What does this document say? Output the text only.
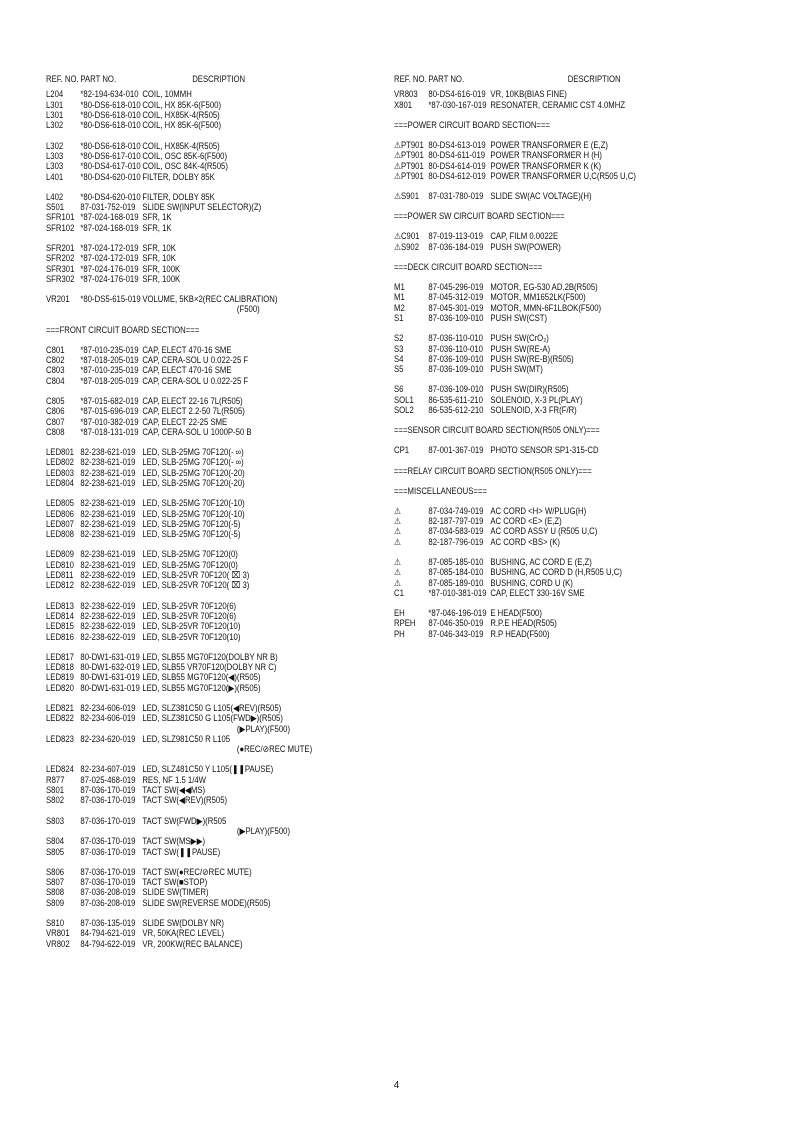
REF. NO.

PART NO.

	DESCRIPTION

L204 *82-194-634-010 COIL, 10MMH
L301 *80-DS6-618-010 COIL, HX 85K-6(F500)
L301 *80-DS6-618-010 COIL, HX85K-4(R505)
L302 *80-DS6-618-010 COIL, HX 85K-6(F500)
L302 *80-DS6-618-010 COIL, HX85K-4(R505)
L303 *80-DS6-617-010 COIL, OSC 85K-6(F500)
L303 *80-DS4-617-010 COIL, OSC 84K-4(R505)
L401 *80-DS4-620-010 FILTER, DOLBY 85K
L402 *80-DS4-620-010 FILTER, DOLBY 85K
S501 87-031-752-019 SLIDE SW(INPUT SELECTOR)(Z)
SFR101 *87-024-168-019 SFR, 1K
SFR102 *87-024-168-019 SFR, 1K
SFR201 *87-024-172-019 SFR, 10K
SFR202 *87-024-172-019 SFR, 10K
SFR301 *87-024-176-019 SFR, 100K
SFR302 *87-024-176-019 SFR, 100K
VR201 *80-DS5-615-019 VOLUME, 5KB×2(REC CALIBRATION)
(F500)
===FRONT CIRCUIT BOARD SECTION===
C801 *87-010-235-019 CAP, ELECT 470-16 SME
C802 *87-018-205-019 CAP, CERA-SOL U 0.022-25 F
C803 *87-010-235-019 CAP, ELECT 470-16 SME
C804 *87-018-205-019 CAP, CERA-SOL U 0.022-25 F
C805 *87-015-682-019 CAP, ELECT 22-16 7L(R505)
C806 *87-015-696-019 CAP, ELECT 2.2-50 7L(R505)
C807 *87-010-382-019 CAP, ELECT 22-25 SME
C808 *87-018-131-019 CAP, CERA-SOL U 1000P-50 B
LED801 82-238-621-019 LED, SLB-25MG 70F120(- ∞)
LED802 82-238-621-019 LED, SLB-25MG 70F120(- ∞)
LED803 82-238-621-019 LED, SLB-25MG 70F120(-20)
LED804 82-238-621-019 LED, SLB-25MG 70F120(-20)
LED805 82-238-621-019 LED, SLB-25MG 70F120(-10)
LED806 82-238-621-019 LED, SLB-25MG 70F120(-10)
LED807 82-238-621-019 LED, SLB-25MG 70F120(-5)
LED808 82-238-621-019 LED, SLB-25MG 70F120(-5)
LED809 82-238-621-019 LED, SLB-25MG 70F120(0)
LED810 82-238-621-019 LED, SLB-25MG 70F120(0)
LED811 82-238-622-019 LED, SLB-25VR 70F120( ⌧ 3)
LED812 82-238-622-019 LED, SLB-25VR 70F120( ⌧ 3)
LED813 82-238-622-019 LED, SLB-25VR 70F120(6)
LED814 82-238-622-019 LED, SLB-25VR 70F120(6)
LED815 82-238-622-019 LED, SLB-25VR 70F120(10)
LED816 82-238-622-019 LED, SLB-25VR 70F120(10)
LED817 80-DW1-631-019 LED, SLB55 MG70F120(DOLBY NR B)
LED818 80-DW1-632-019 LED, SLB55 VR70F120(DOLBY NR C)
LED819 80-DW1-631-019 LED, SLB55 MG70F120(◀)(R505)
LED820 80-DW1-631-019 LED, SLB55 MG70F120(▶)(R505)
LED821 82-234-606-019 LED, SLZ381C50 G L105(◀REV)(R505)
LED822 82-234-606-019 LED, SLZ381C50 G L105(FWD▶)(R505)
(▶PLAY)(F500)
LED823 82-234-620-019 LED, SLZ981C50 R L105
(●REC/⊘REC MUTE)
LED824 82-234-607-019 LED, SLZ481C50 Y L105(❚❚PAUSE)
R877 87-025-468-019 RES, NF 1.5 1/4W
S801 87-036-170-019 TACT SW(◀◀MS)
S802 87-036-170-019 TACT SW(◀REV)(R505)
S803 87-036-170-019 TACT SW(FWD▶)(R505
(▶PLAY)(F500)
S804 87-036-170-019 TACT SW(MS▶▶)
S805 87-036-170-019 TACT SW(❚❚PAUSE)
S806 87-036-170-019 TACT SW(●REC/⊘REC MUTE)
S807 87-036-170-019 TACT SW(■STOP)
S808 87-036-208-019 SLIDE SW(TIMER)
S809 87-036-208-019 SLIDE SW(REVERSE MODE)(R505)
S810 87-036-135-019 SLIDE SW(DOLBY NR)
VR801 84-794-621-019 VR, 50KA(REC LEVEL)
VR802 84-794-622-019 VR, 200KW(REC BALANCE)

REF. NO.

PART NO.

	DESCRIPTION

VR803 80-DS4-616-019 VR, 10KB(BIAS FINE)
X801 *87-030-167-019 RESONATER, CERAMIC CST 4.0MHZ
===POWER CIRCUIT BOARD SECTION===
⚠PT901 80-DS4-613-019 POWER TRANSFORMER E (E,Z)
⚠PT901 80-DS4-611-019 POWER TRANSFORMER H (H)
⚠PT901 80-DS4-614-019 POWER TRANSFORMER K (K)
⚠PT901 80-DS4-612-019 POWER TRANSFORMER U,C(R505 U,C)
⚠S901 87-031-780-019 SLIDE SW(AC VOLTAGE)(H)
===POWER SW CIRCUIT BOARD SECTION===
⚠C901 87-019-113-019 CAP, FILM 0.0022E
⚠S902 87-036-184-019 PUSH SW(POWER)
===DECK CIRCUIT BOARD SECTION===
M1	87-045-296-019 MOTOR, EG-530 AD.2B(R505)
M1	87-045-312-019 MOTOR, MM1652LK(F500)
M2	87-045-301-019 MOTOR, MMN-6F1LBOK(F500)
S1	87-036-109-010 PUSH SW(CST)
S2	87-036-110-010 PUSH SW(CrO₂)
S3	87-036-110-010 PUSH SW(RE-A)
S4	87-036-109-010 PUSH SW(RE-B)(R505)
S5	87-036-109-010 PUSH SW(MT)
S6	87-036-109-010 PUSH SW(DIR)(R505)
SOL1 86-535-611-210 SOLENOID, X-3 PL(PLAY)
SOL2 86-535-612-210 SOLENOID, X-3 FR(F/R)
===SENSOR CIRCUIT BOARD SECTION(R505 ONLY)===
CP1 87-001-367-019 PHOTO SENSOR SP1-315-CD
===RELAY CIRCUIT BOARD SECTION(R505 ONLY)===
===MISCELLANEOUS===
⚠	87-034-749-019 AC CORD <H> W/PLUG(H)
⚠	82-187-797-019 AC CORD <E> (E,Z)
⚠	87-034-583-019 AC CORD ASSY U (R505 U,C)
⚠	82-187-796-019 AC CORD <BS> (K)
⚠	87-085-185-010 BUSHING, AC CORD E (E,Z)
⚠	87-085-184-010 BUSHING, AC CORD D (H,R505 U,C)
⚠	87-085-189-010 BUSHING, CORD U (K)
C1	*87-010-381-019 CAP, ELECT 330-16V SME
EH	*87-046-196-019 E HEAD(F500)
RPEH 87-046-350-019 R.P.E HEAD(R505)
PH	87-046-343-019 R.P HEAD(F500)
4
